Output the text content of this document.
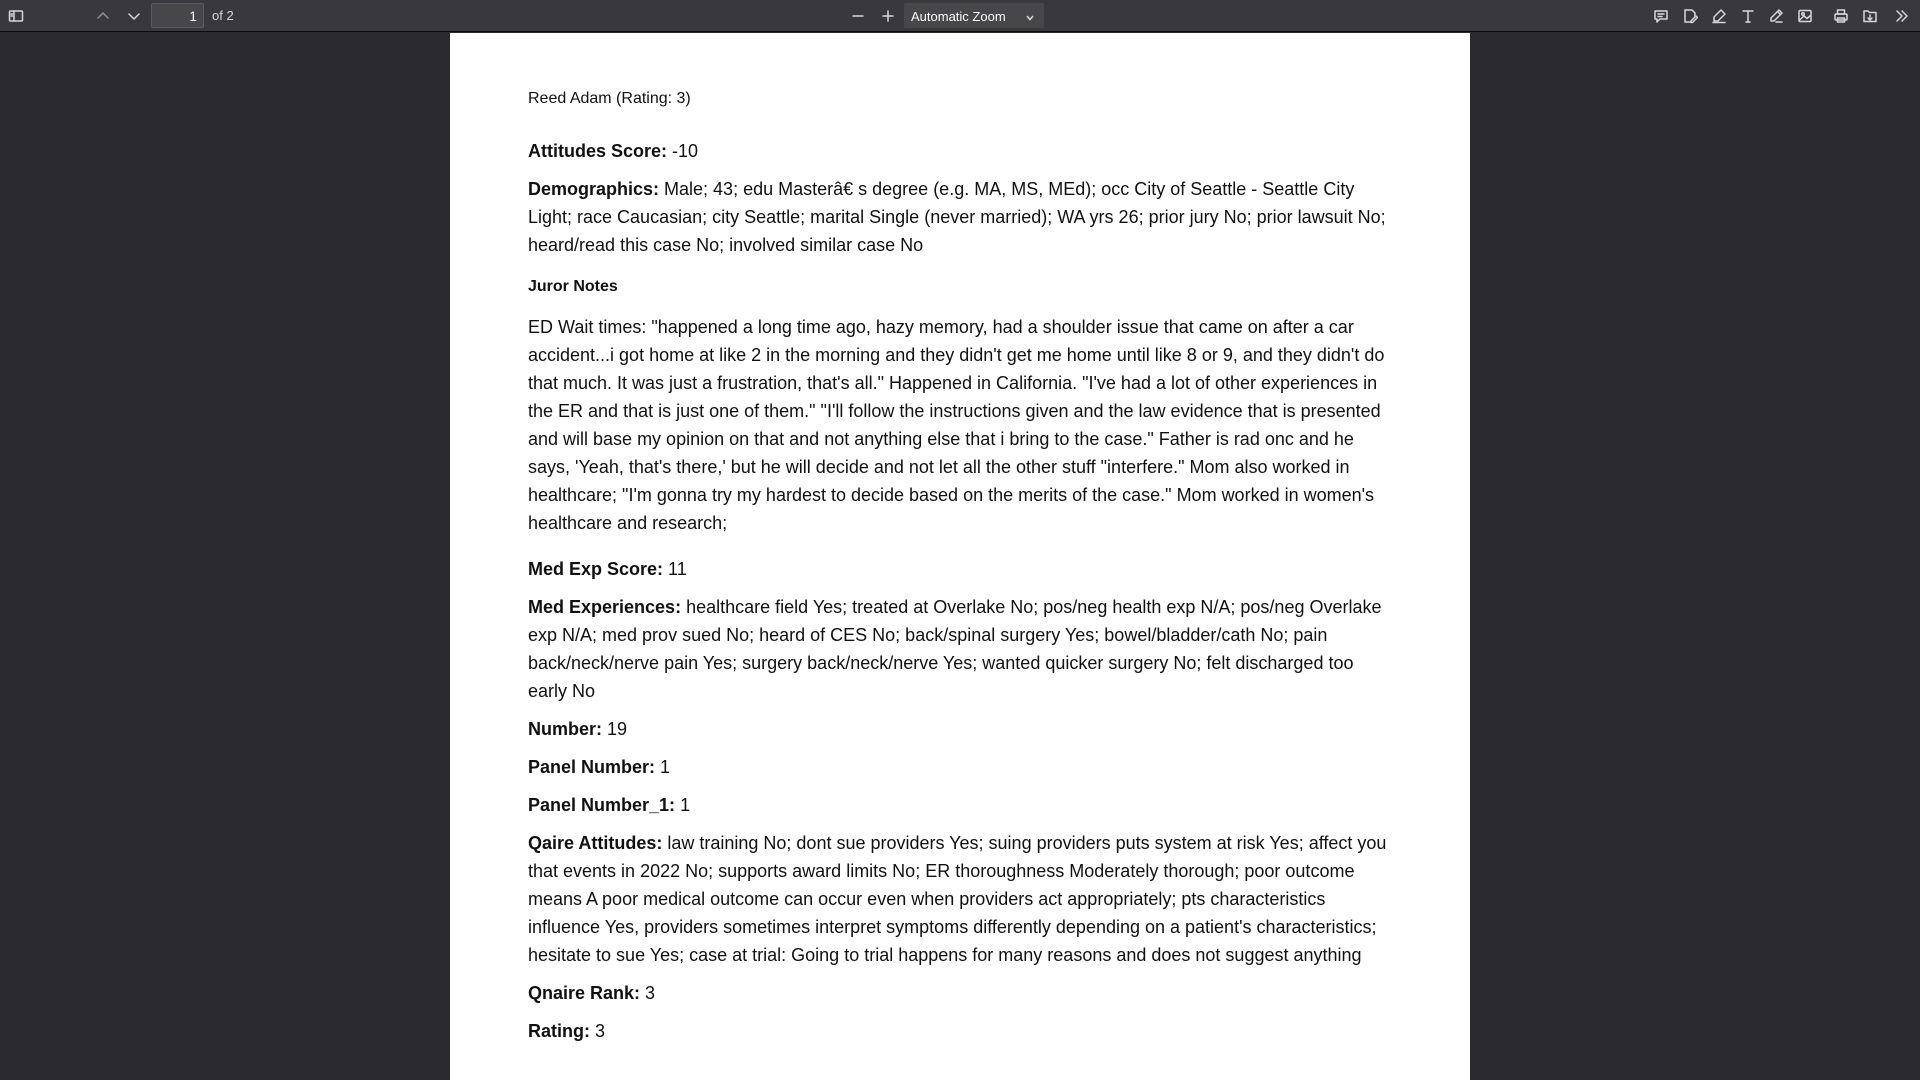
1
of 2	Automatic Zoom

Reed Adam (Rating: 3)

Attitudes Score: -10

Demographics: Male; 43; edu Masterâ€ s degree (e.g. MA, MS, MEd); occ City of Seattle - Seattle City Light; race Caucasian; city Seattle; marital Single (never married); WA yrs 26; prior jury No; prior lawsuit No; heard/read this case No; involved similar case No

Juror Notes

ED Wait times: "happened a long time ago, hazy memory, had a shoulder issue that came on after a car accident...i got home at like 2 in the morning and they didn't get me home until like 8 or 9, and they didn't do that much. It was just a frustration, that's all." Happened in California. "I've had a lot of other experiences in the ER and that is just one of them." "I'll follow the instructions given and the law evidence that is presented and will base my opinion on that and not anything else that i bring to the case." Father is rad onc and he says, 'Yeah, that's there,' but he will decide and not let all the other stuff "interfere." Mom also worked in healthcare; "I'm gonna try my hardest to decide based on the merits of the case." Mom worked in women's healthcare and research;

Med Exp Score: 11

Med Experiences: healthcare field Yes; treated at Overlake No; pos/neg health exp N/A; pos/neg Overlake exp N/A; med prov sued No; heard of CES No; back/spinal surgery Yes; bowel/bladder/cath No; pain back/neck/nerve pain Yes; surgery back/neck/nerve Yes; wanted quicker surgery No; felt discharged too early No

Number: 19

Panel Number: 1

Panel Number_1: 1

Qaire Attitudes: law training No; dont sue providers Yes; suing providers puts system at risk Yes; affect you that events in 2022 No; supports award limits No; ER thoroughness Moderately thorough; poor outcome means A poor medical outcome can occur even when providers act appropriately; pts characteristics influence Yes, providers sometimes interpret symptoms differently depending on a patient's characteristics; hesitate to sue Yes; case at trial: Going to trial happens for many reasons and does not suggest anything

Qnaire Rank: 3

Rating: 3
